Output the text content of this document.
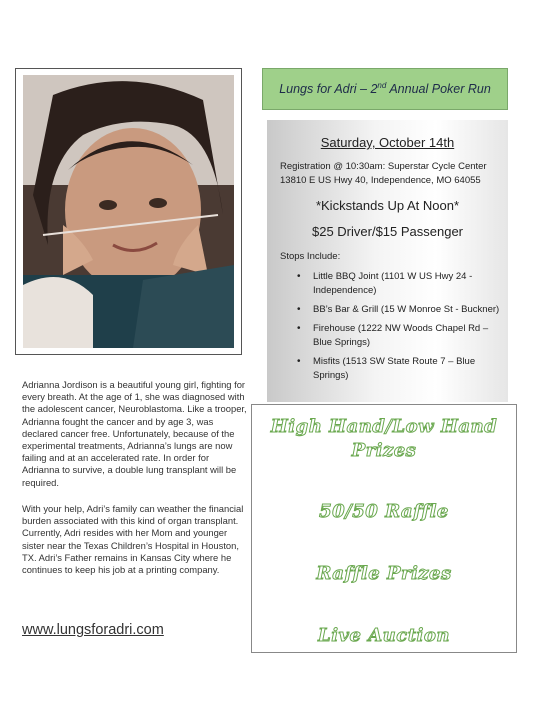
Lungs for Adri – 2nd Annual Poker Run
Saturday, October 14th
Registration @ 10:30am: Superstar Cycle Center
13810 E US Hwy 40, Independence, MO 64055
*Kickstands Up At Noon*
$25 Driver/$15 Passenger
Stops Include:
• Little BBQ Joint (1101 W US Hwy 24 - Independence)
• BB’s Bar & Grill (15 W Monroe St - Buckner)
• Firehouse (1222 NW Woods Chapel Rd – Blue Springs)
• Misfits (1513 SW State Route 7 – Blue Springs)
High Hand/Low Hand Prizes
50/50 Raffle
Raffle Prizes
Live Auction
Adrianna Jordison is a beautiful young girl, fighting for every breath. At the age of 1, she was diagnosed with the adolescent cancer, Neuroblastoma. Like a trooper, Adrianna fought the cancer and by age 3, was declared cancer free. Unfortunately, because of the experimental treatments, Adrianna’s lungs are now failing and at an accelerated rate. In order for Adrianna to survive, a double lung transplant will be required.
With your help, Adri’s family can weather the financial burden associated with this kind of organ transplant. Currently, Adri resides with her Mom and younger sister near the Texas Children’s Hospital in Houston, TX. Adri’s Father remains in Kansas City where he continues to keep his job at a printing company.
www.lungsforadri.com
